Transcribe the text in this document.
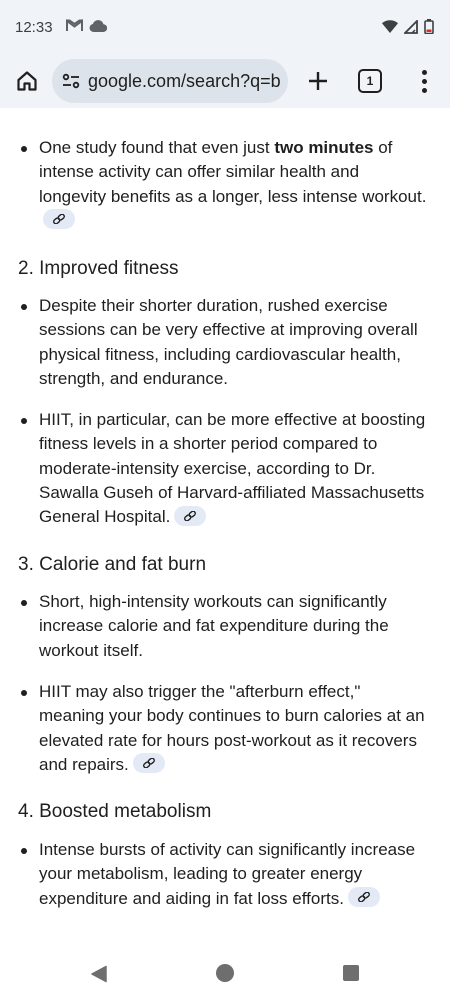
12:33
google.com/search?q=b	1
One study found that even just two minutes of intense activity can offer similar health and longevity benefits as a longer, less intense workout.
2. Improved fitness
Despite their shorter duration, rushed exercise sessions can be very effective at improving overall physical fitness, including cardiovascular health, strength, and endurance.
HIIT, in particular, can be more effective at boosting fitness levels in a shorter period compared to moderate-intensity exercise, according to Dr. Sawalla Guseh of Harvard-affiliated Massachusetts General Hospital.
3. Calorie and fat burn
Short, high-intensity workouts can significantly increase calorie and fat expenditure during the workout itself.
HIIT may also trigger the "afterburn effect," meaning your body continues to burn calories at an elevated rate for hours post-workout as it recovers and repairs.
4. Boosted metabolism
Intense bursts of activity can significantly increase your metabolism, leading to greater energy expenditure and aiding in fat loss efforts.
